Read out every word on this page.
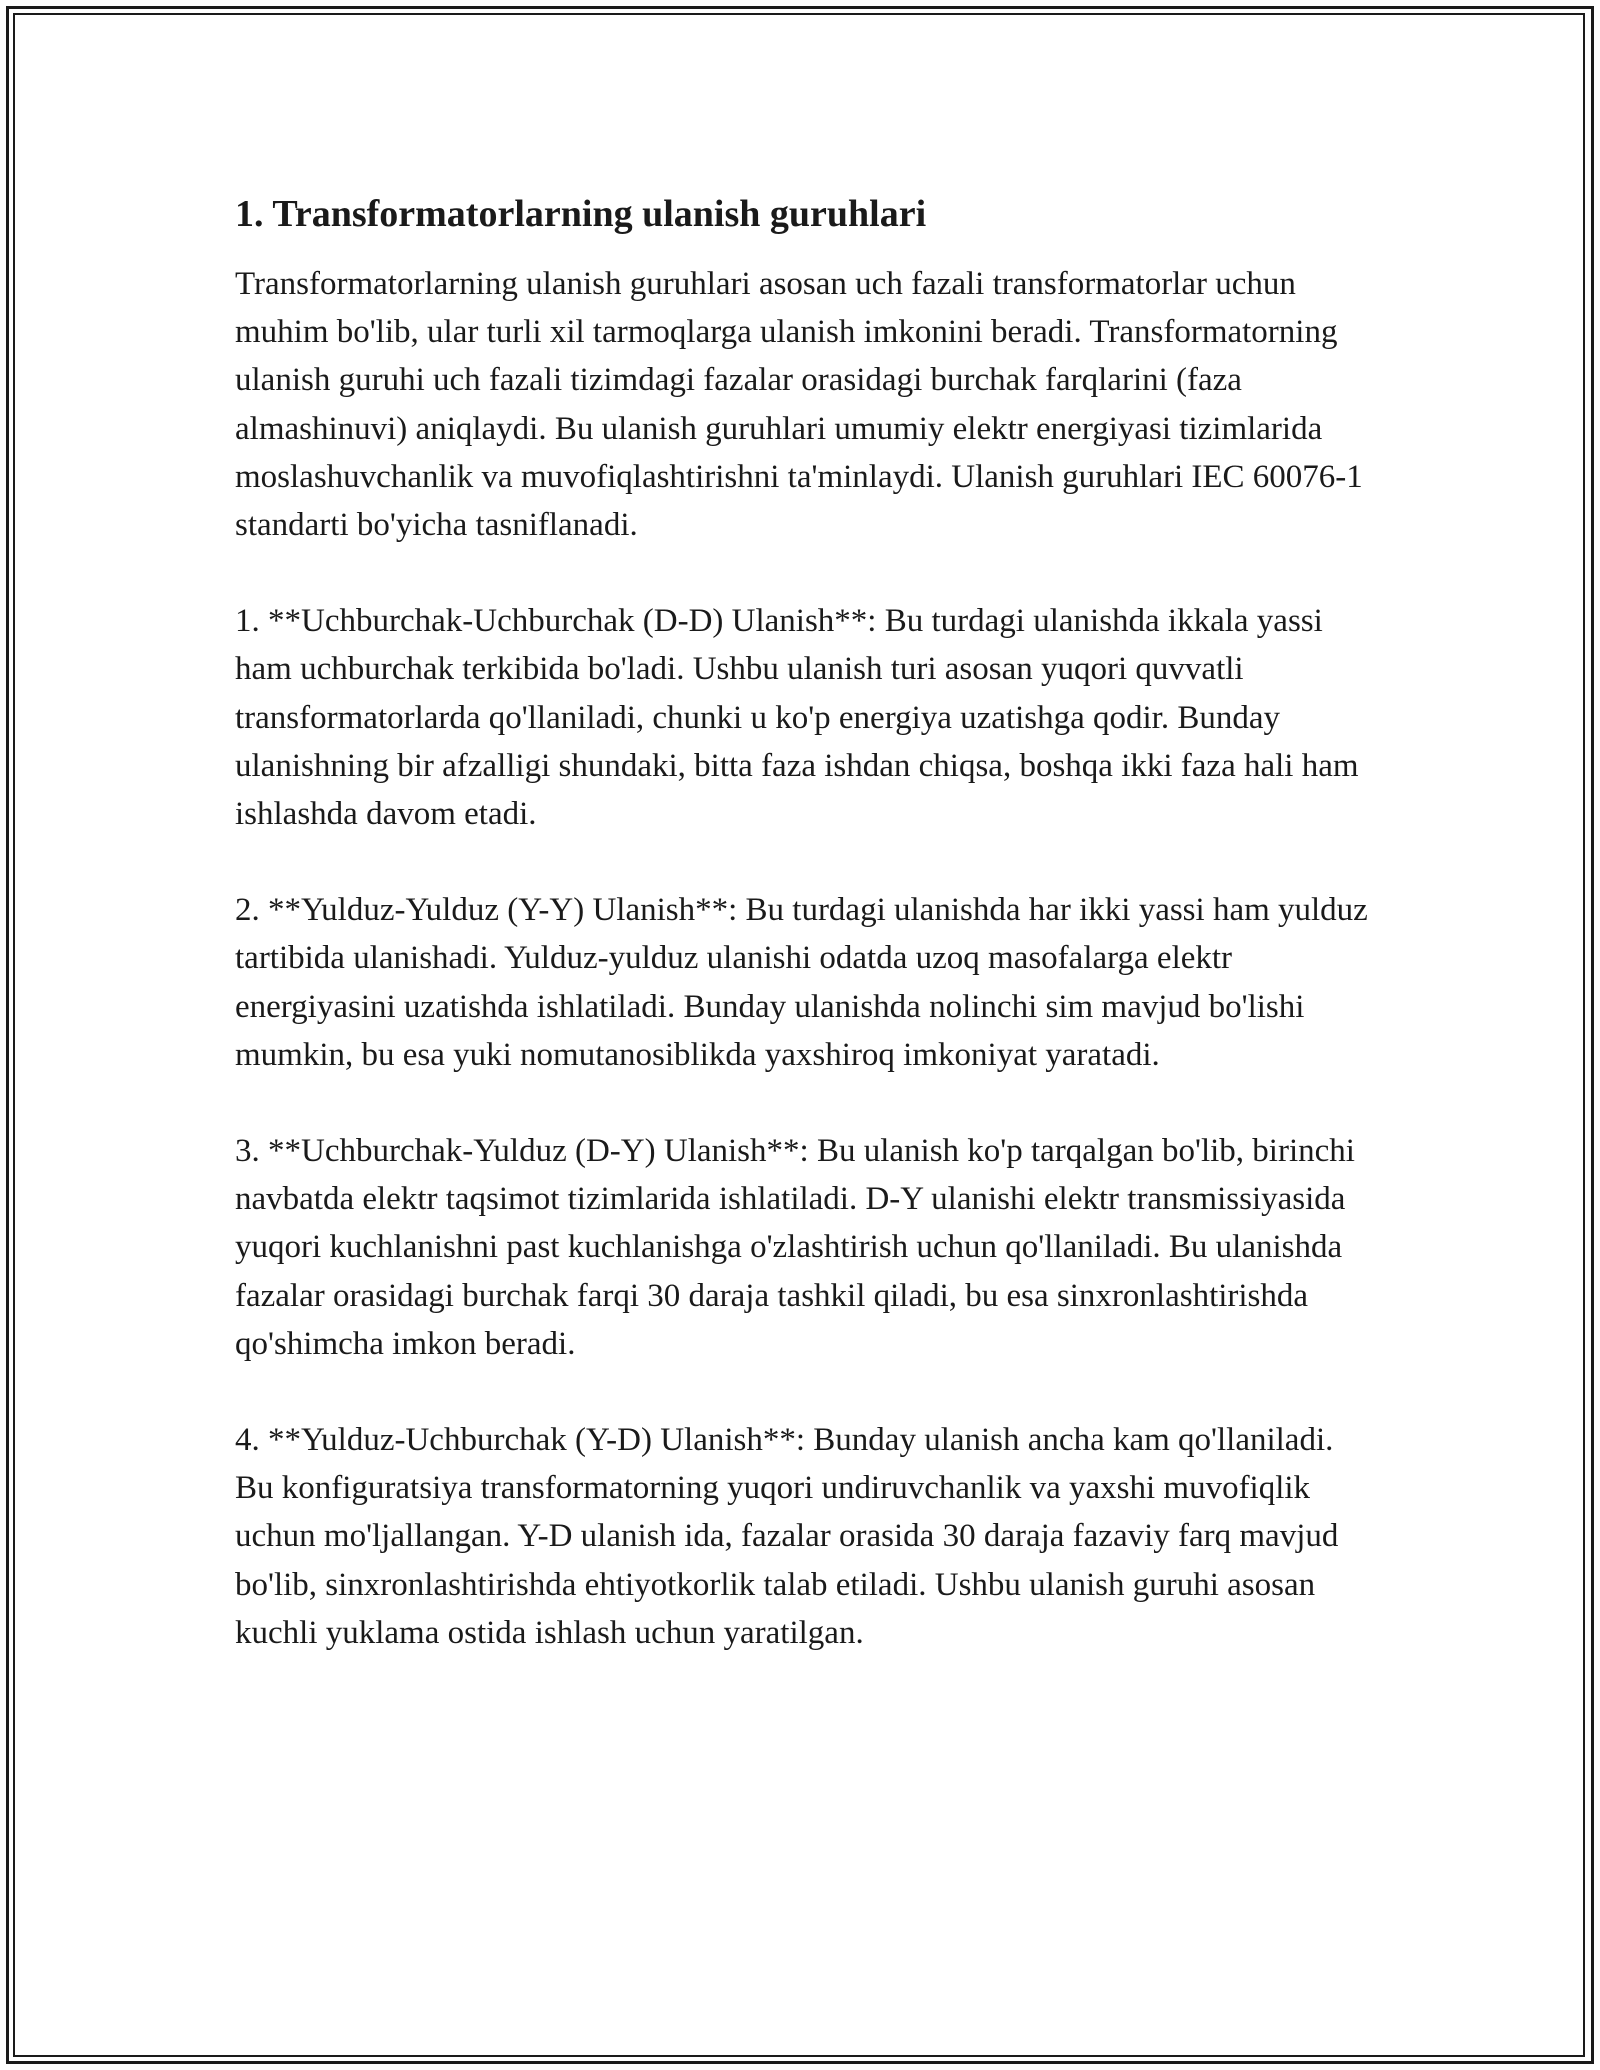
1. Transformatorlarning ulanish guruhlari

Transformatorlarning ulanish guruhlari asosan uch fazali transformatorlar uchun muhim bo'lib, ular turli xil tarmoqlarga ulanish imkonini beradi. Transformatorning ulanish guruhi uch fazali tizimdagi fazalar orasidagi burchak farqlarini (faza almashinuvi) aniqlaydi. Bu ulanish guruhlari umumiy elektr energiyasi tizimlarida moslashuvchanlik va muvofiqlashtirishni ta'minlaydi. Ulanish guruhlari IEC 60076-1 standarti bo'yicha tasniflanadi.

1. **Uchburchak-Uchburchak (D-D) Ulanish**: Bu turdagi ulanishda ikkala yassi ham uchburchak terkibida bo'ladi. Ushbu ulanish turi asosan yuqori quvvatli transformatorlarda qo'llaniladi, chunki u ko'p energiya uzatishga qodir. Bunday ulanishning bir afzalligi shundaki, bitta faza ishdan chiqsa, boshqa ikki faza hali ham ishlashda davom etadi.

2. **Yulduz-Yulduz (Y-Y) Ulanish**: Bu turdagi ulanishda har ikki yassi ham yulduz tartibida ulanishadi. Yulduz-yulduz ulanishi odatda uzoq masofalarga elektr energiyasini uzatishda ishlatiladi. Bunday ulanishda nolinchi sim mavjud bo'lishi mumkin, bu esa yuki nomutanosiblikda yaxshiroq imkoniyat yaratadi.

3. **Uchburchak-Yulduz (D-Y) Ulanish**: Bu ulanish ko'p tarqalgan bo'lib, birinchi navbatda elektr taqsimot tizimlarida ishlatiladi. D-Y ulanishi elektr transmissiyasida yuqori kuchlanishni past kuchlanishga o'zlashtirish uchun qo'llaniladi. Bu ulanishda fazalar orasidagi burchak farqi 30 daraja tashkil qiladi, bu esa sinxronlashtirishda qo'shimcha imkon beradi.

4. **Yulduz-Uchburchak (Y-D) Ulanish**: Bunday ulanish ancha kam qo'llaniladi. Bu konfiguratsiya transformatorning yuqori undiruvchanlik va yaxshi muvofiqlik uchun mo'ljallangan. Y-D ulanish ida, fazalar orasida 30 daraja fazaviy farq mavjud bo'lib, sinxronlashtirishda ehtiyotkorlik talab etiladi. Ushbu ulanish guruhi asosan kuchli yuklama ostida ishlash uchun yaratilgan.
